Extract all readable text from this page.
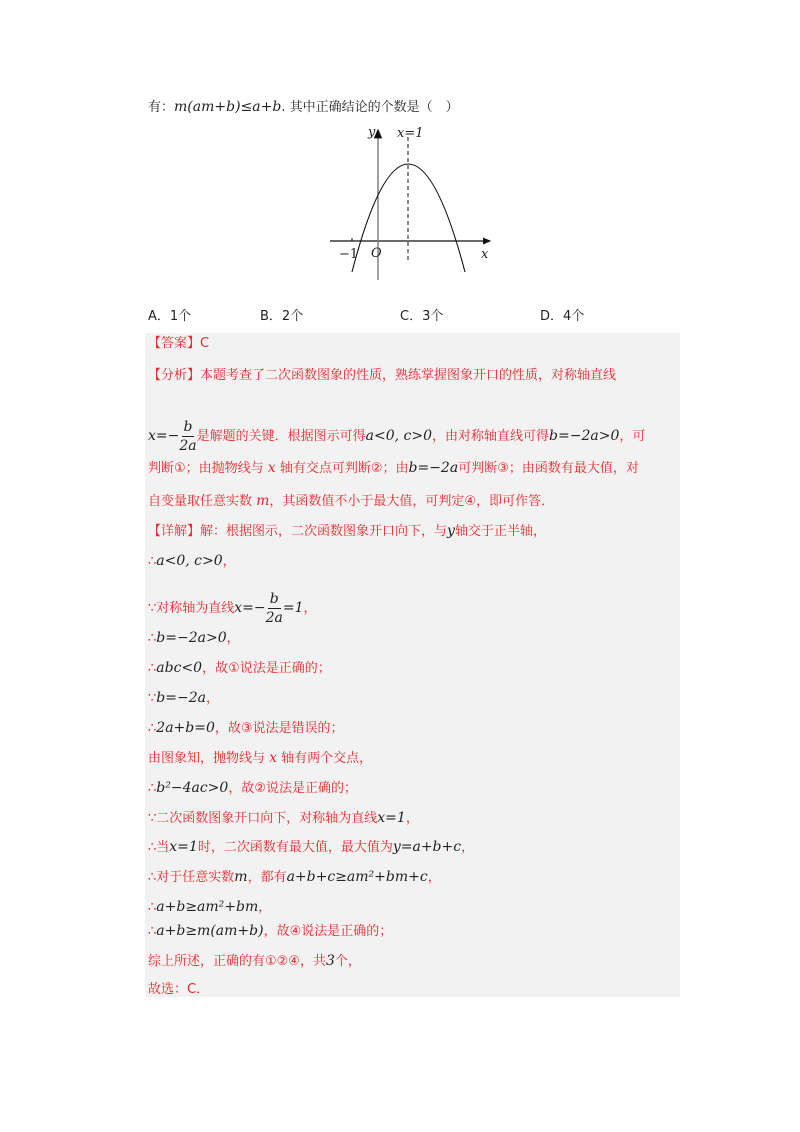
有：m(am+b)≤a+b. 其中正确结论的个数是（　）
y x=1
O
−1	x
A．1个	B．2个	C．3个	D．4个
【答案】C
【分析】本题考查了二次函数图象的性质，熟练掌握图象开口的性质，对称轴直线
$x=- \frac{b}{2a}$ 是解题的关键．根据图示可得a<0, c>0，由对称轴直线可得b=−2a>0，可
判断①；由抛物线与 x 轴有交点可判断②；由b=−2a可判断③；由函数有最大值，对
自变量取任意实数 m，其函数值不小于最大值，可判定④，即可作答．
【详解】解：根据图示，二次函数图象开口向下，与y轴交于正半轴，
∴a<0, c>0，
∵对称轴为直线$x=- \frac{b}{2a} =1$，
∴b=−2a>0，
∴abc<0，故①说法是正确的；
∵b=−2a，
∴2a+b=0，故③说法是错误的；
由图象知，抛物线与 x 轴有两个交点，
∴b²−4ac>0，故②说法是正确的；
∵二次函数图象开口向下，对称轴为直线x=1，
∴当x=1时，二次函数有最大值，最大值为y=a+b+c，
∴对于任意实数m，都有a+b+c≥am²+bm+c，
∴a+b≥am²+bm，
∴a+b≥m(am+b)，故④说法是正确的；
综上所述，正确的有①②④，共3个，
故选：C．
